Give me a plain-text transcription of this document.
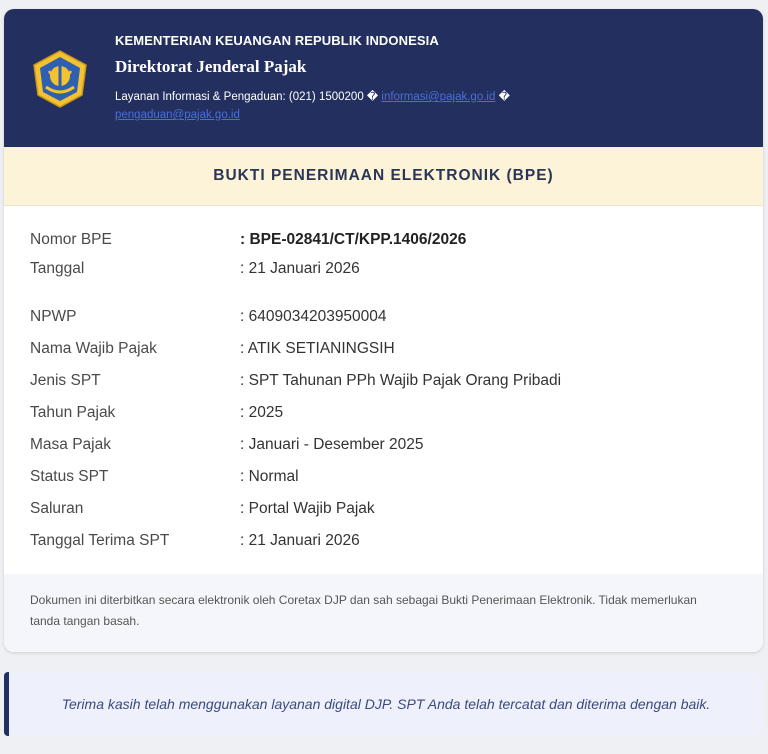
KEMENTERIAN KEUANGAN REPUBLIK INDONESIA
Direktorat Jenderal Pajak
Layanan Informasi & Pengaduan: (021) 1500200 � informasi@pajak.go.id �
pengaduan@pajak.go.id
BUKTI PENERIMAAN ELEKTRONIK (BPE)
Nomor BPE	: BPE-02841/CT/KPP.1406/2026
Tanggal	: 21 Januari 2026
NPWP	: 6409034203950004
Nama Wajib Pajak	: ATIK SETIANINGSIH
Jenis SPT	: SPT Tahunan PPh Wajib Pajak Orang Pribadi
Tahun Pajak	: 2025
Masa Pajak	: Januari - Desember 2025
Status SPT	: Normal
Saluran	: Portal Wajib Pajak
Tanggal Terima SPT	: 21 Januari 2026

Dokumen ini diterbitkan secara elektronik oleh Coretax DJP dan sah sebagai Bukti Penerimaan Elektronik. Tidak memerlukan tanda tangan basah.

Terima kasih telah menggunakan layanan digital DJP. SPT Anda telah tercatat dan diterima dengan baik.
